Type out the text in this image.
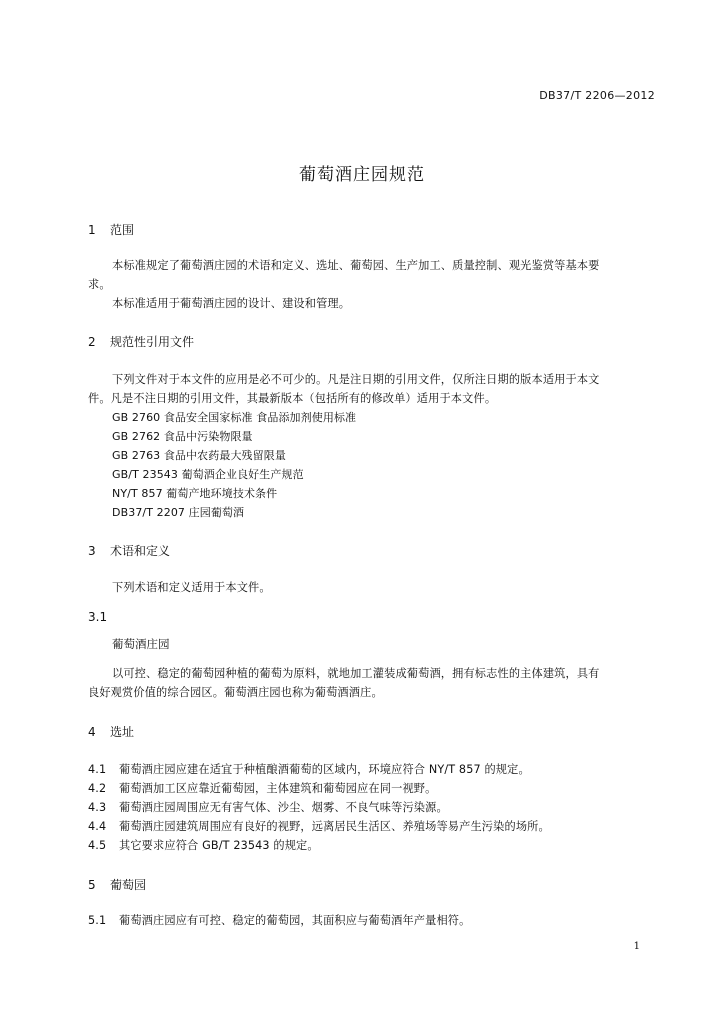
DB37/T 2206—2012
葡萄酒庄园规范
1 范围
本标准规定了葡萄酒庄园的术语和定义、选址、葡萄园、生产加工、质量控制、观光鉴赏等基本要
求。
本标准适用于葡萄酒庄园的设计、建设和管理。
2 规范性引用文件
下列文件对于本文件的应用是必不可少的。凡是注日期的引用文件，仅所注日期的版本适用于本文
件。凡是不注日期的引用文件，其最新版本（包括所有的修改单）适用于本文件。
GB 2760 食品安全国家标准 食品添加剂使用标准
GB 2762 食品中污染物限量
GB 2763 食品中农药最大残留限量
GB/T 23543 葡萄酒企业良好生产规范
NY/T 857 葡萄产地环境技术条件
DB37/T 2207 庄园葡萄酒
3 术语和定义
下列术语和定义适用于本文件。
3.1
葡萄酒庄园
以可控、稳定的葡萄园种植的葡萄为原料，就地加工灌装成葡萄酒，拥有标志性的主体建筑，具有
良好观赏价值的综合园区。葡萄酒庄园也称为葡萄酒酒庄。
4 选址
4.1 葡萄酒庄园应建在适宜于种植酿酒葡萄的区域内，环境应符合 NY/T 857 的规定。
4.2 葡萄酒加工区应靠近葡萄园，主体建筑和葡萄园应在同一视野。
4.3 葡萄酒庄园周围应无有害气体、沙尘、烟雾、不良气味等污染源。
4.4 葡萄酒庄园建筑周围应有良好的视野，远离居民生活区、养殖场等易产生污染的场所。
4.5 其它要求应符合 GB/T 23543 的规定。
5 葡萄园
5.1 葡萄酒庄园应有可控、稳定的葡萄园，其面积应与葡萄酒年产量相符。
1
